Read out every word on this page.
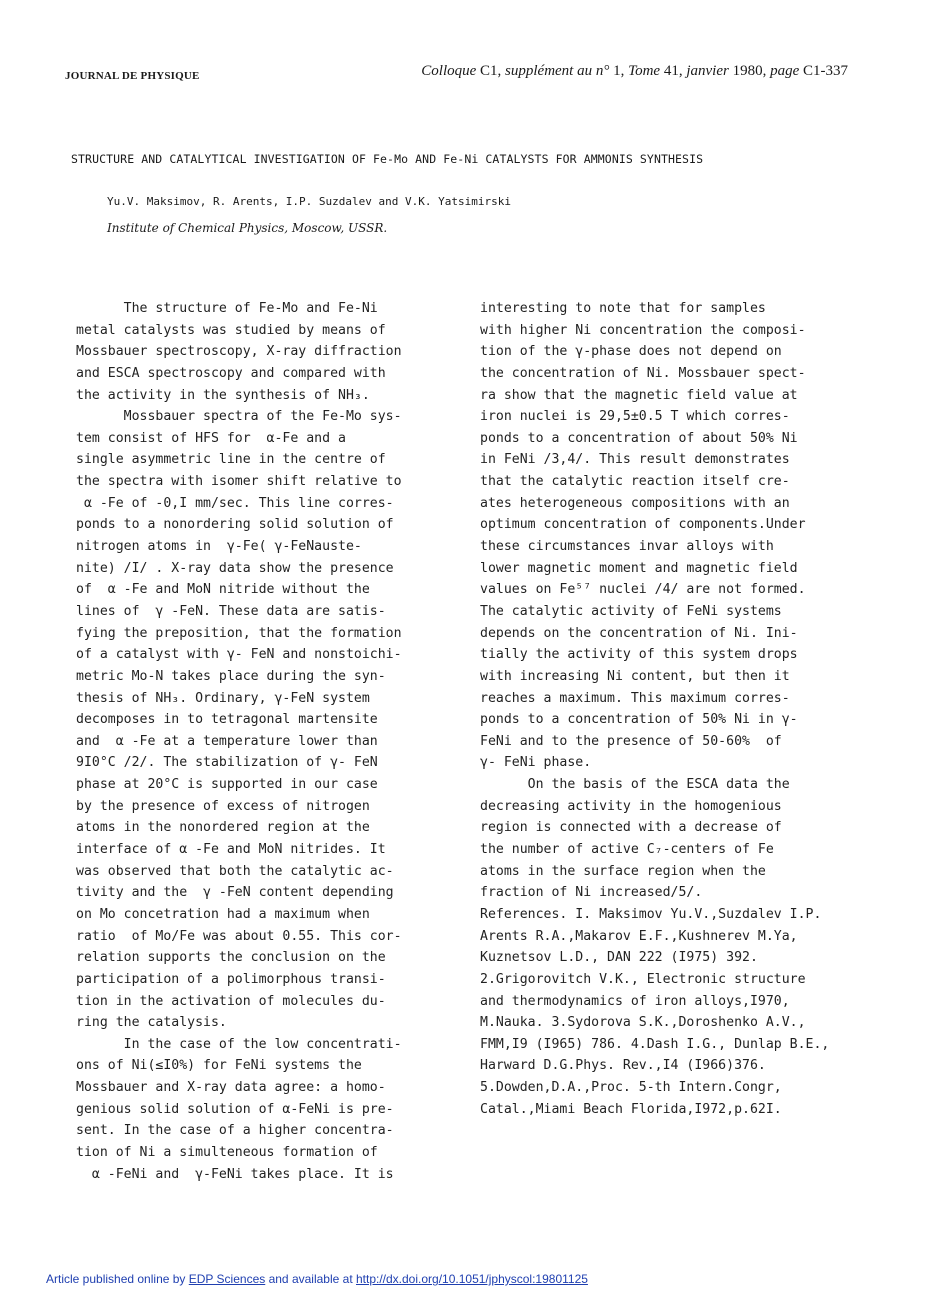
JOURNAL DE PHYSIQUE	Colloque C1, supplément au n° 1, Tome 41, janvier 1980, page C1-337
STRUCTURE AND CATALYTICAL INVESTIGATION OF Fe-Mo AND Fe-Ni CATALYSTS FOR AMMONIS SYNTHESIS
Yu.V. Maksimov, R. Arents, I.P. Suzdalev and V.K. Yatsimirski
Institute of Chemical Physics, Moscow, USSR.
The structure of Fe-Mo and Fe-Ni
metal catalysts was studied by means of
Mossbauer spectroscopy, X-ray diffraction
and ESCA spectroscopy and compared with
the activity in the synthesis of NH₃.
Mossbauer spectra of the Fe-Mo sys-
tem consist of HFS for  α-Fe and a
single asymmetric line in the centre of
the spectra with isomer shift relative to
α -Fe of -0,I mm/sec. This line corres-
ponds to a nonordering solid solution of
nitrogen atoms in  γ-Fe( γ-FeNauste-
nite) /I/ . X-ray data show the presence
of  α -Fe and MoN nitride without the
lines of  γ -FeN. These data are satis-
fying the preposition, that the formation
of a catalyst with γ- FeN and nonstoichi-
metric Mo-N takes place during the syn-
thesis of NH₃. Ordinary, γ-FeN system
decomposes in to tetragonal martensite
and  α -Fe at a temperature lower than
9I0°C /2/. The stabilization of γ- FeN
phase at 20°C is supported in our case
by the presence of excess of nitrogen
atoms in the nonordered region at the
interface of α -Fe and MoN nitrides. It
was observed that both the catalytic ac-
tivity and the  γ -FeN content depending
on Mo concetration had a maximum when
ratio  of Mo/Fe was about 0.55. This cor-
relation supports the conclusion on the
participation of a polimorphous transi-
tion in the activation of molecules du-
ring the catalysis.
In the case of the low concentrati-
ons of Ni(≤I0%) for FeNi systems the
Mossbauer and X-ray data agree: a homo-
genious solid solution of α-FeNi is pre-
sent. In the case of a higher concentra-
tion of Ni a simulteneous formation of
α -FeNi and  γ-FeNi takes place. It is
interesting to note that for samples
with higher Ni concentration the composi-
tion of the γ-phase does not depend on
the concentration of Ni. Mossbauer spect-
ra show that the magnetic field value at
iron nuclei is 29,5±0.5 T which corres-
ponds to a concentration of about 50% Ni
in FeNi /3,4/. This result demonstrates
that the catalytic reaction itself cre-
ates heterogeneous compositions with an
optimum concentration of components.Under
these circumstances invar alloys with
lower magnetic moment and magnetic field
values on Fe⁵⁷ nuclei /4/ are not formed.
The catalytic activity of FeNi systems
depends on the concentration of Ni. Ini-
tially the activity of this system drops
with increasing Ni content, but then it
reaches a maximum. This maximum corres-
ponds to a concentration of 50% Ni in γ-
FeNi and to the presence of 50-60%  of
γ- FeNi phase.
On the basis of the ESCA data the
decreasing activity in the homogenious
region is connected with a decrease of
the number of active C₇-centers of Fe
atoms in the surface region when the
fraction of Ni increased/5/.
References. I. Maksimov Yu.V.,Suzdalev I.P.
Arents R.A.,Makarov E.F.,Kushnerev M.Ya,
Kuznetsov L.D., DAN 222 (I975) 392.
2.Grigorovitch V.K., Electronic structure
and thermodynamics of iron alloys,I970,
M.Nauka. 3.Sydorova S.K.,Doroshenko A.V.,
FMM,I9 (I965) 786. 4.Dash I.G., Dunlap B.E.,
Harward D.G.Phys. Rev.,I4 (I966)376.
5.Dowden,D.A.,Proc. 5-th Intern.Congr,
Catal.,Miami Beach Florida,I972,p.62I.
Article published online by EDP Sciences and available at http://dx.doi.org/10.1051/jphyscol:19801125
